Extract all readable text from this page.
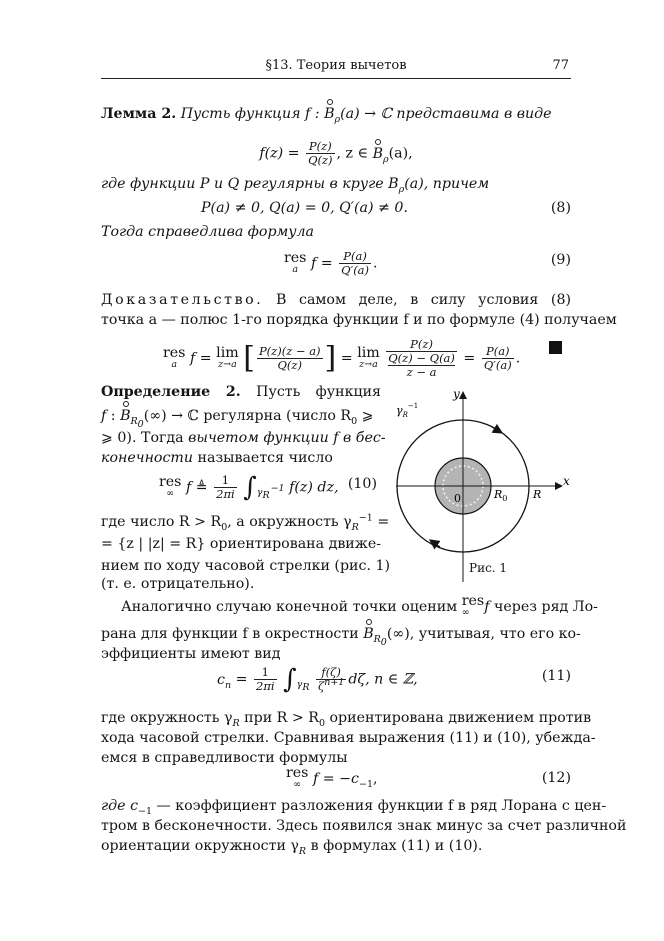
§13. Теория вычетов	77
Лемма 2. Пусть функция f : $B_\rho(a)$ → ℂ представима в виде
$f(z) = \frac{P(z)}{Q(z)}$ , z ∈ $B_\rho(a)$,
где функции P и Q регулярны в круге $B_\rho(a)$, причем
P(a) ≠ 0, Q(a) = 0, Q′(a) ≠ 0.	(8)
Тогда справедлива формула
res
a $f = \frac{P(a)}{Q'(a)}$ .	(9)
Доказательство. В самом деле, в силу условия (8)
точка a — полюс 1-го порядка функции f и по формуле (4) получаем
res
a f = lim
z→a [ $\frac{P(z)(z - a)}{Q(z)}$ ] = lim
z→a

P(z)
Q(z) − Q(a)
z − a
= $\frac{P(a)}{Q'(a)}$ .
Определение 2. Пусть функция
f : $B_{R_0}(\infty)$ → ℂ регулярна (число $R_0$ ⩾
⩾ 0). Тогда вычетом функции f в бес-
конечности называется число
res
∞ f ≜ $\frac{1}{2\pi i} \int_{\gamma_R ^{-1}}$ f(z) dz, (10)
где число $R > R_0$, а окружность $\gamma_R^{-1}$ =
= {z | |z| = R} ориентирована движе-
нием по ходу часовой стрелки (рис. 1)
(т. е. отрицательно).
y
x
0	$R_0$ R
$\gamma_R^{-1}$
Рис. 1
Аналогично случаю конечной точки оценим res
∞	f через ряд Ло-
рана для функции f в окрестности $B_{R_0}(\infty)$, учитывая, что его ко-
эффициенты имеют вид
$c_n = \frac{1}{2\pi i} \int_{\gamma_R} \frac{f(\zeta)}{\zeta^{n+1}} d\zeta$, n ∈ ℤ,	(11)
где окружность $\gamma_R$ при $R > R_0$ ориентирована движением против
хода часовой стрелки. Сравнивая выражения (11) и (10), убежда-
емся в справедливости формулы
res
∞ $f = -c_{-1}$,	(12)
где $c_{-1}$ — коэффициент разложения функции f в ряд Лорана с цен-
тром в бесконечности. Здесь появился знак минус за счет различной
ориентации окружности $\gamma_R$ в формулах (11) и (10).
